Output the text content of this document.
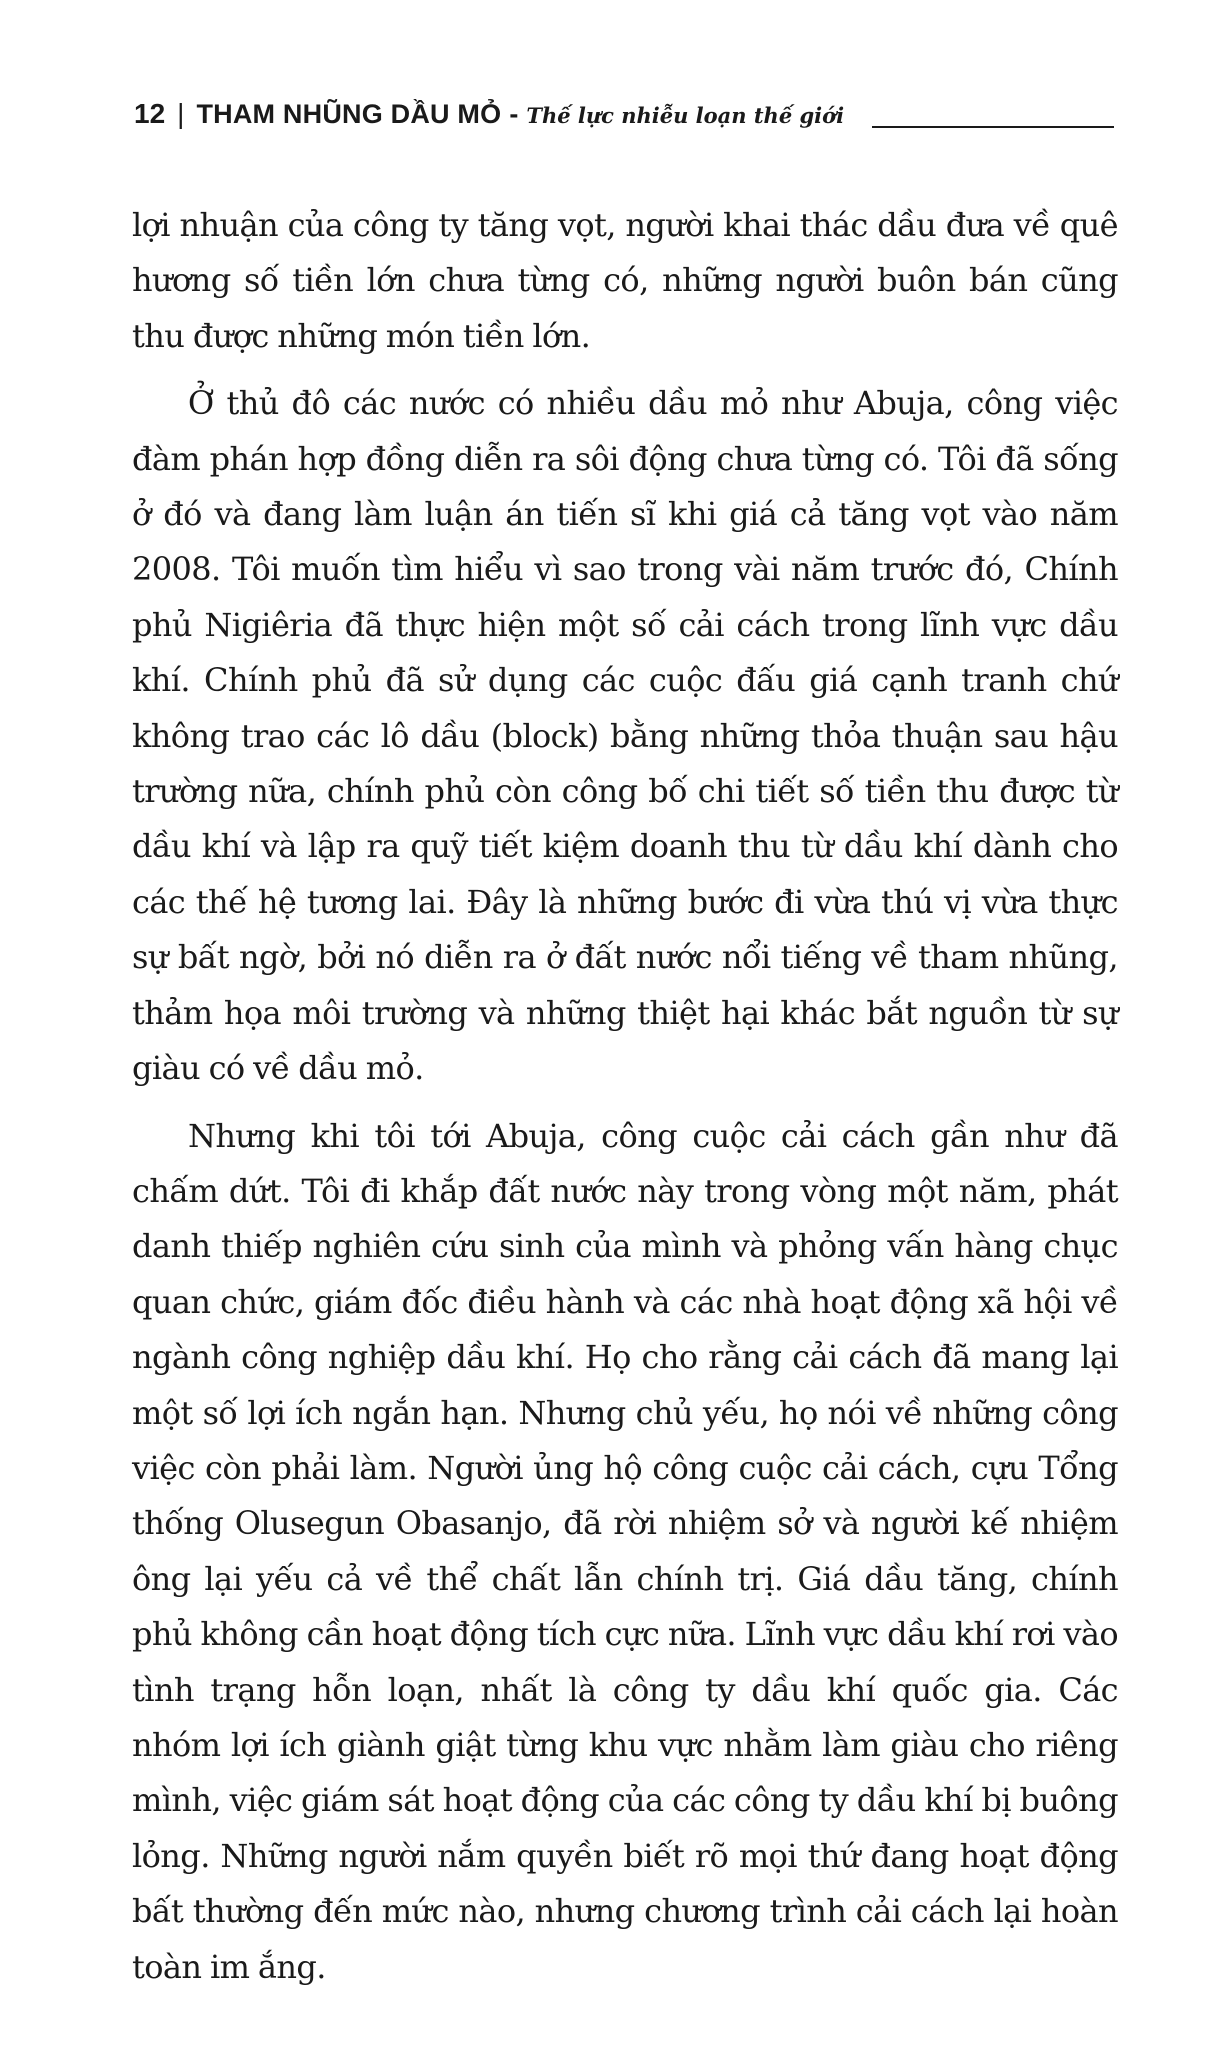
12 | THAM NHŨNG DẦU MỎ - Thế lực nhiễu loạn thế giới

lợi nhuận của công ty tăng vọt, người khai thác dầu đưa về quê hương số tiền lớn chưa từng có, những người buôn bán cũng thu được những món tiền lớn.

Ở thủ đô các nước có nhiều dầu mỏ như Abuja, công việc đàm phán hợp đồng diễn ra sôi động chưa từng có. Tôi đã sống ở đó và đang làm luận án tiến sĩ khi giá cả tăng vọt vào năm 2008. Tôi muốn tìm hiểu vì sao trong vài năm trước đó, Chính phủ Nigiêria đã thực hiện một số cải cách trong lĩnh vực dầu khí. Chính phủ đã sử dụng các cuộc đấu giá cạnh tranh chứ không trao các lô dầu (block) bằng những thỏa thuận sau hậu trường nữa, chính phủ còn công bố chi tiết số tiền thu được từ dầu khí và lập ra quỹ tiết kiệm doanh thu từ dầu khí dành cho các thế hệ tương lai. Đây là những bước đi vừa thú vị vừa thực sự bất ngờ, bởi nó diễn ra ở đất nước nổi tiếng về tham nhũng, thảm họa môi trường và những thiệt hại khác bắt nguồn từ sự giàu có về dầu mỏ.

Nhưng khi tôi tới Abuja, công cuộc cải cách gần như đã chấm dứt. Tôi đi khắp đất nước này trong vòng một năm, phát danh thiếp nghiên cứu sinh của mình và phỏng vấn hàng chục quan chức, giám đốc điều hành và các nhà hoạt động xã hội về ngành công nghiệp dầu khí. Họ cho rằng cải cách đã mang lại một số lợi ích ngắn hạn. Nhưng chủ yếu, họ nói về những công việc còn phải làm. Người ủng hộ công cuộc cải cách, cựu Tổng thống Olusegun Obasanjo, đã rời nhiệm sở và người kế nhiệm ông lại yếu cả về thể chất lẫn chính trị. Giá dầu tăng, chính phủ không cần hoạt động tích cực nữa. Lĩnh vực dầu khí rơi vào tình trạng hỗn loạn, nhất là công ty dầu khí quốc gia. Các nhóm lợi ích giành giật từng khu vực nhằm làm giàu cho riêng mình, việc giám sát hoạt động của các công ty dầu khí bị buông lỏng. Những người nắm quyền biết rõ mọi thứ đang hoạt động bất thường đến mức nào, nhưng chương trình cải cách lại hoàn toàn im ắng.
